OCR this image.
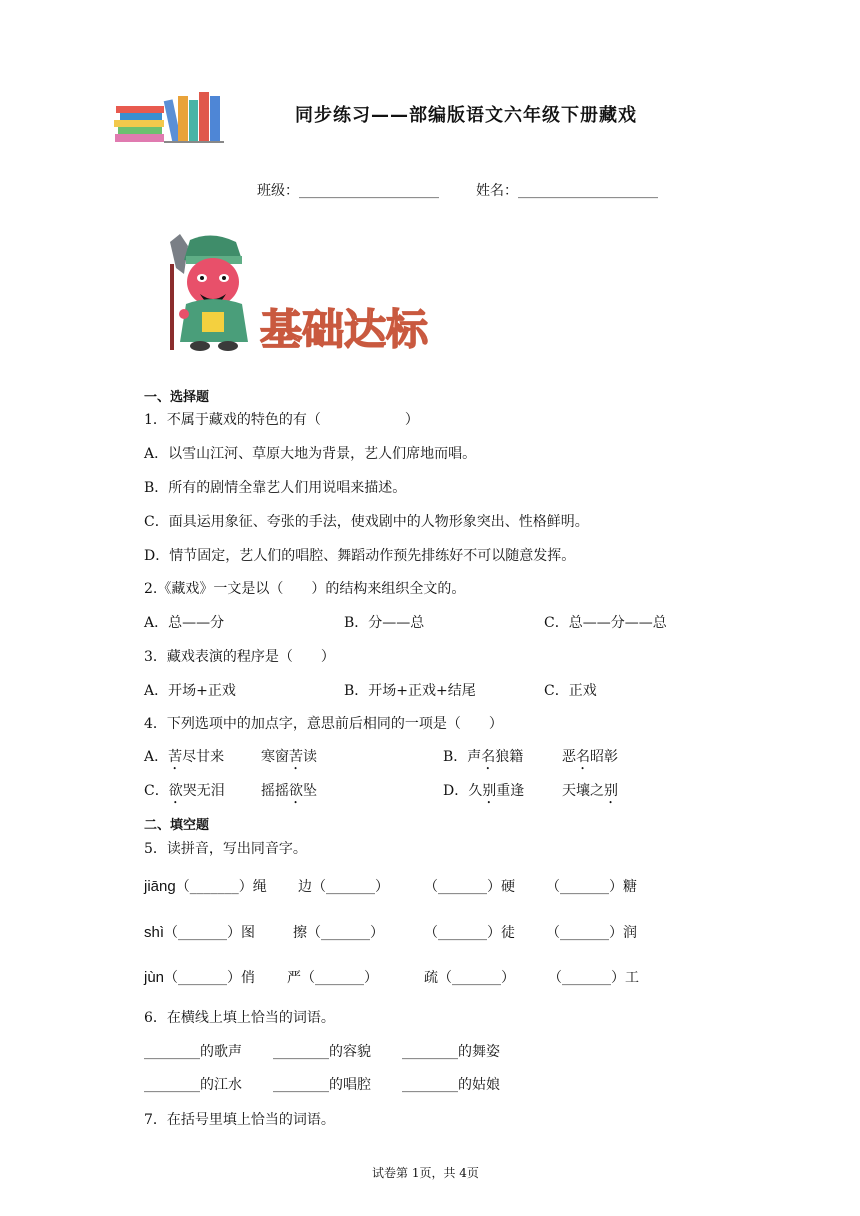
同步练习——部编版语文六年级下册藏戏
班级：____________________	姓名：____________________
基础达标
一、选择题
1．不属于藏戏的特色的有（　　　　　　）
A．以雪山江河、草原大地为背景，艺人们席地而唱。
B．所有的剧情全靠艺人们用说唱来描述。
C．面具运用象征、夸张的手法，使戏剧中的人物形象突出、性格鲜明。
D．情节固定，艺人们的唱腔、舞蹈动作预先排练好不可以随意发挥。
2.《藏戏》一文是以（　　）的结构来组织全文的。
A．总——分	B．分——总	C．总——分——总
3．藏戏表演的程序是（　　）
A．开场+正戏	B．开场+正戏+结尾	C．正戏
4．下列选项中的加点字，意思前后相同的一项是（　　）
A．苦尽甘来	寒窗苦读	B．声名狼籍	恶名昭彰
C．欲哭无泪	摇摇欲坠	D．久别重逢	天壤之别
二、填空题
5．读拼音，写出同音字。
jiāng（_______）绳 边（_______）	（_______）硬 （_______）糖
shì（_______）图	擦（_______）	（_______）徒 （_______）润
jùn（_______）俏 严（_______）	疏（_______） （_______）工
6．在横线上填上恰当的词语。
________的歌声 ________的容貌 ________的舞姿
________的江水 ________的唱腔 ________的姑娘
7．在括号里填上恰当的词语。
试卷第 1页，共 4页
